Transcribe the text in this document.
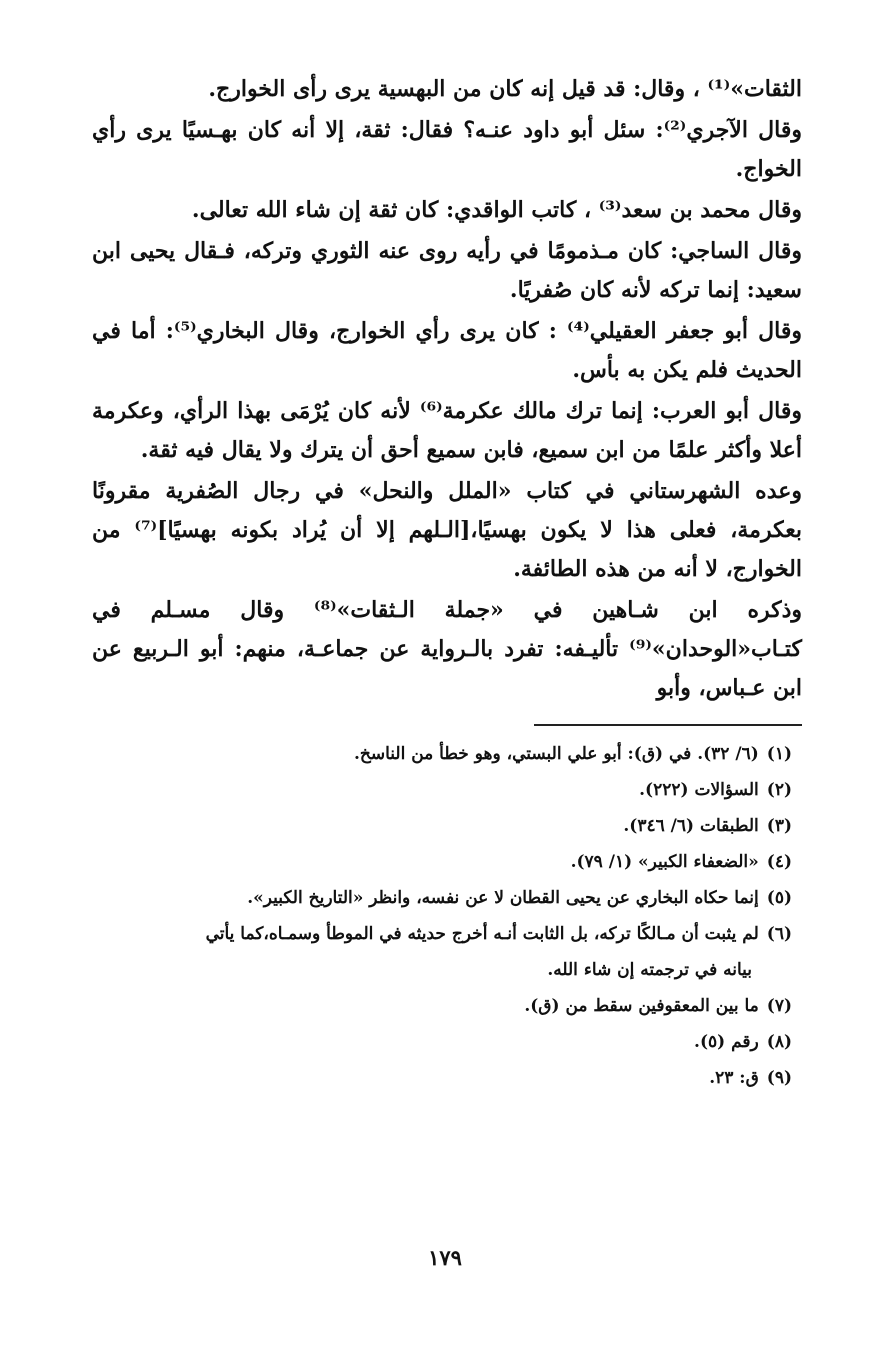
الثقات»⁽¹⁾ ، وقال: قد قيل إنه كان من البهسية يرى رأى الخوارج.

وقال الآجري⁽²⁾: سئل أبو داود عنـه؟ فقال: ثقة، إلا أنه كان بهـسيًا يرى رأي الخواج.

وقال محمد بن سعد⁽³⁾ ، كاتب الواقدي: كان ثقة إن شاء الله تعالى.

وقال الساجي: كان مـذمومًا في رأيه روى عنه الثوري وتركه، فـقال يحيى ابن سعيد: إنما تركه لأنه كان صُفريًا.

وقال أبو جعفر العقيلي⁽⁴⁾ : كان يرى رأي الخوارج، وقال البخاري⁽⁵⁾: أما في الحديث فلم يكن به بأس.

وقال أبو العرب: إنما ترك مالك عكرمة⁽⁶⁾ لأنه كان يُرْمَى بهذا الرأي، وعكرمة أعلا وأكثر علمًا من ابن سميع، فابن سميع أحق أن يترك ولا يقال فيه ثقة.

وعده الشهرستاني في كتاب «الملل والنحل» في رجال الصُفرية مقرونًا بعكرمة، فعلى هذا لا يكون بهسيًا،[الـلهم إلا أن يُراد بكونه بهسيًا]⁽⁷⁾ من الخوارج، لا أنه من هذه الطائفة.

وذكره ابن شـاهين في «جملة الـثقات»⁽⁸⁾ وقال مسـلم في كتـاب«الوحدان»⁽⁹⁾ تأليـفه: تفرد بالـرواية عن جماعـة، منهم: أبو الـربيع عن ابن عـباس، وأبو

(١)(٦/ ٣٢). في (ق): أبو علي البستي، وهو خطأ من الناسخ.

(٢)السؤالات (٢٢٢).

(٣)الطبقات (٦/ ٣٤٦).

(٤)«الضعفاء الكبير» (١/ ٧٩).

(٥)إنما حكاه البخاري عن يحيى القطان لا عن نفسه، وانظر «التاريخ الكبير».

(٦)لم يثبت أن مـالكًا تركه، بل الثابت أنـه أخرج حديثه في الموطأ وسمـاه،كما يأتي
بيانه في ترجمته إن شاء الله.

(٧)ما بين المعقوفين سقط من (ق).

(٨)رقم (٥).

(٩)ق: ٢٣.

١٧٩
